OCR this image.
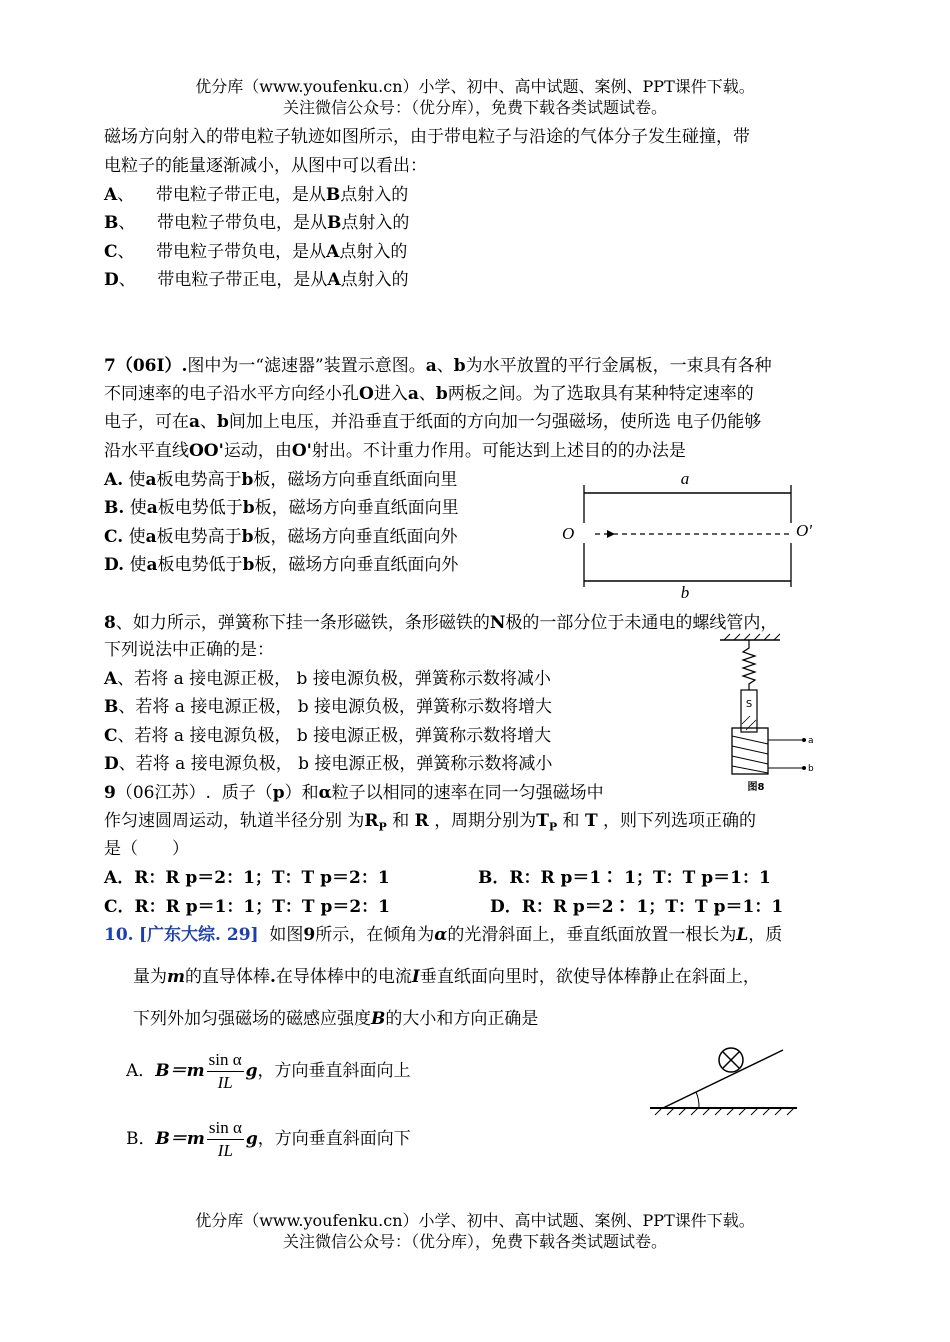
优分库（www.youfenku.cn）小学、初中、高中试题、案例、PPT课件下载。
关注微信公众号：（优分库），免费下载各类试题试卷。
磁场方向射入的带电粒子轨迹如图所示，由于带电粒子与沿途的气体分子发生碰撞，带
电粒子的能量逐渐减小，从图中可以看出：
A、 带电粒子带正电，是从B点射入的
B、 带电粒子带负电，是从B点射入的
C、 带电粒子带负电，是从A点射入的
D、 带电粒子带正电，是从A点射入的
7（06Ⅰ）.图中为一“滤速器”装置示意图。a、b为水平放置的平行金属板，一束具有各种
不同速率的电子沿水平方向经小孔O进入a、b两板之间。为了选取具有某种特定速率的
电子，可在a、b间加上电压，并沿垂直于纸面的方向加一匀强磁场，使所选 电子仍能够
沿水平直线OO'运动，由O'射出。不计重力作用。可能达到上述目的的办法是
A. 使a板电势高于b板，磁场方向垂直纸面向里
B. 使a板电势低于b板，磁场方向垂直纸面向里
C. 使a板电势高于b板，磁场方向垂直纸面向外
D. 使a板电势低于b板，磁场方向垂直纸面向外
a
b
O	O'
8、如力所示，弹簧称下挂一条形磁铁，条形磁铁的N极的一部分位于未通电的螺线管内，
下列说法中正确的是：
A、若将 a 接电源正极， b 接电源负极，弹簧称示数将减小
B、若将 a 接电源正极， b 接电源负极，弹簧称示数将增大
C、若将 a 接电源负极， b 接电源正极，弹簧称示数将增大
D、若将 a 接电源负极， b 接电源正极，弹簧称示数将减小
S
a
b
图8
9（06江苏）. 质子（p）和α粒子以相同的速率在同一匀强磁场中
作匀速圆周运动，轨道半径分别 为$R_P$ 和 R ，周期分别为$T_P$ 和 T ，则下列选项正确的
是（　　）
A．R：R p＝2：1；T：T p＝2：1	B．R：R p＝1∶ 1；T：T p＝1：1
C．R：R p＝1：1；T：T p＝2：1	D．R：R p＝2∶ 1；T：T p＝1：1
10. [广东大综. 29] 如图9所示，在倾角为α的光滑斜面上，垂直纸面放置一根长为L，质
量为m的直导体棒.在导体棒中的电流I垂直纸面向里时，欲使导体棒静止在斜面上，
下列外加匀强磁场的磁感应强度B的大小和方向正确是
A．$B=m \frac{\text{sin α}}{IL}$ g，方向垂直斜面向上
B．$B=m \frac{\text{sin α}}{IL}$ g，方向垂直斜面向下
优分库（www.youfenku.cn）小学、初中、高中试题、案例、PPT课件下载。
关注微信公众号：（优分库），免费下载各类试题试卷。
